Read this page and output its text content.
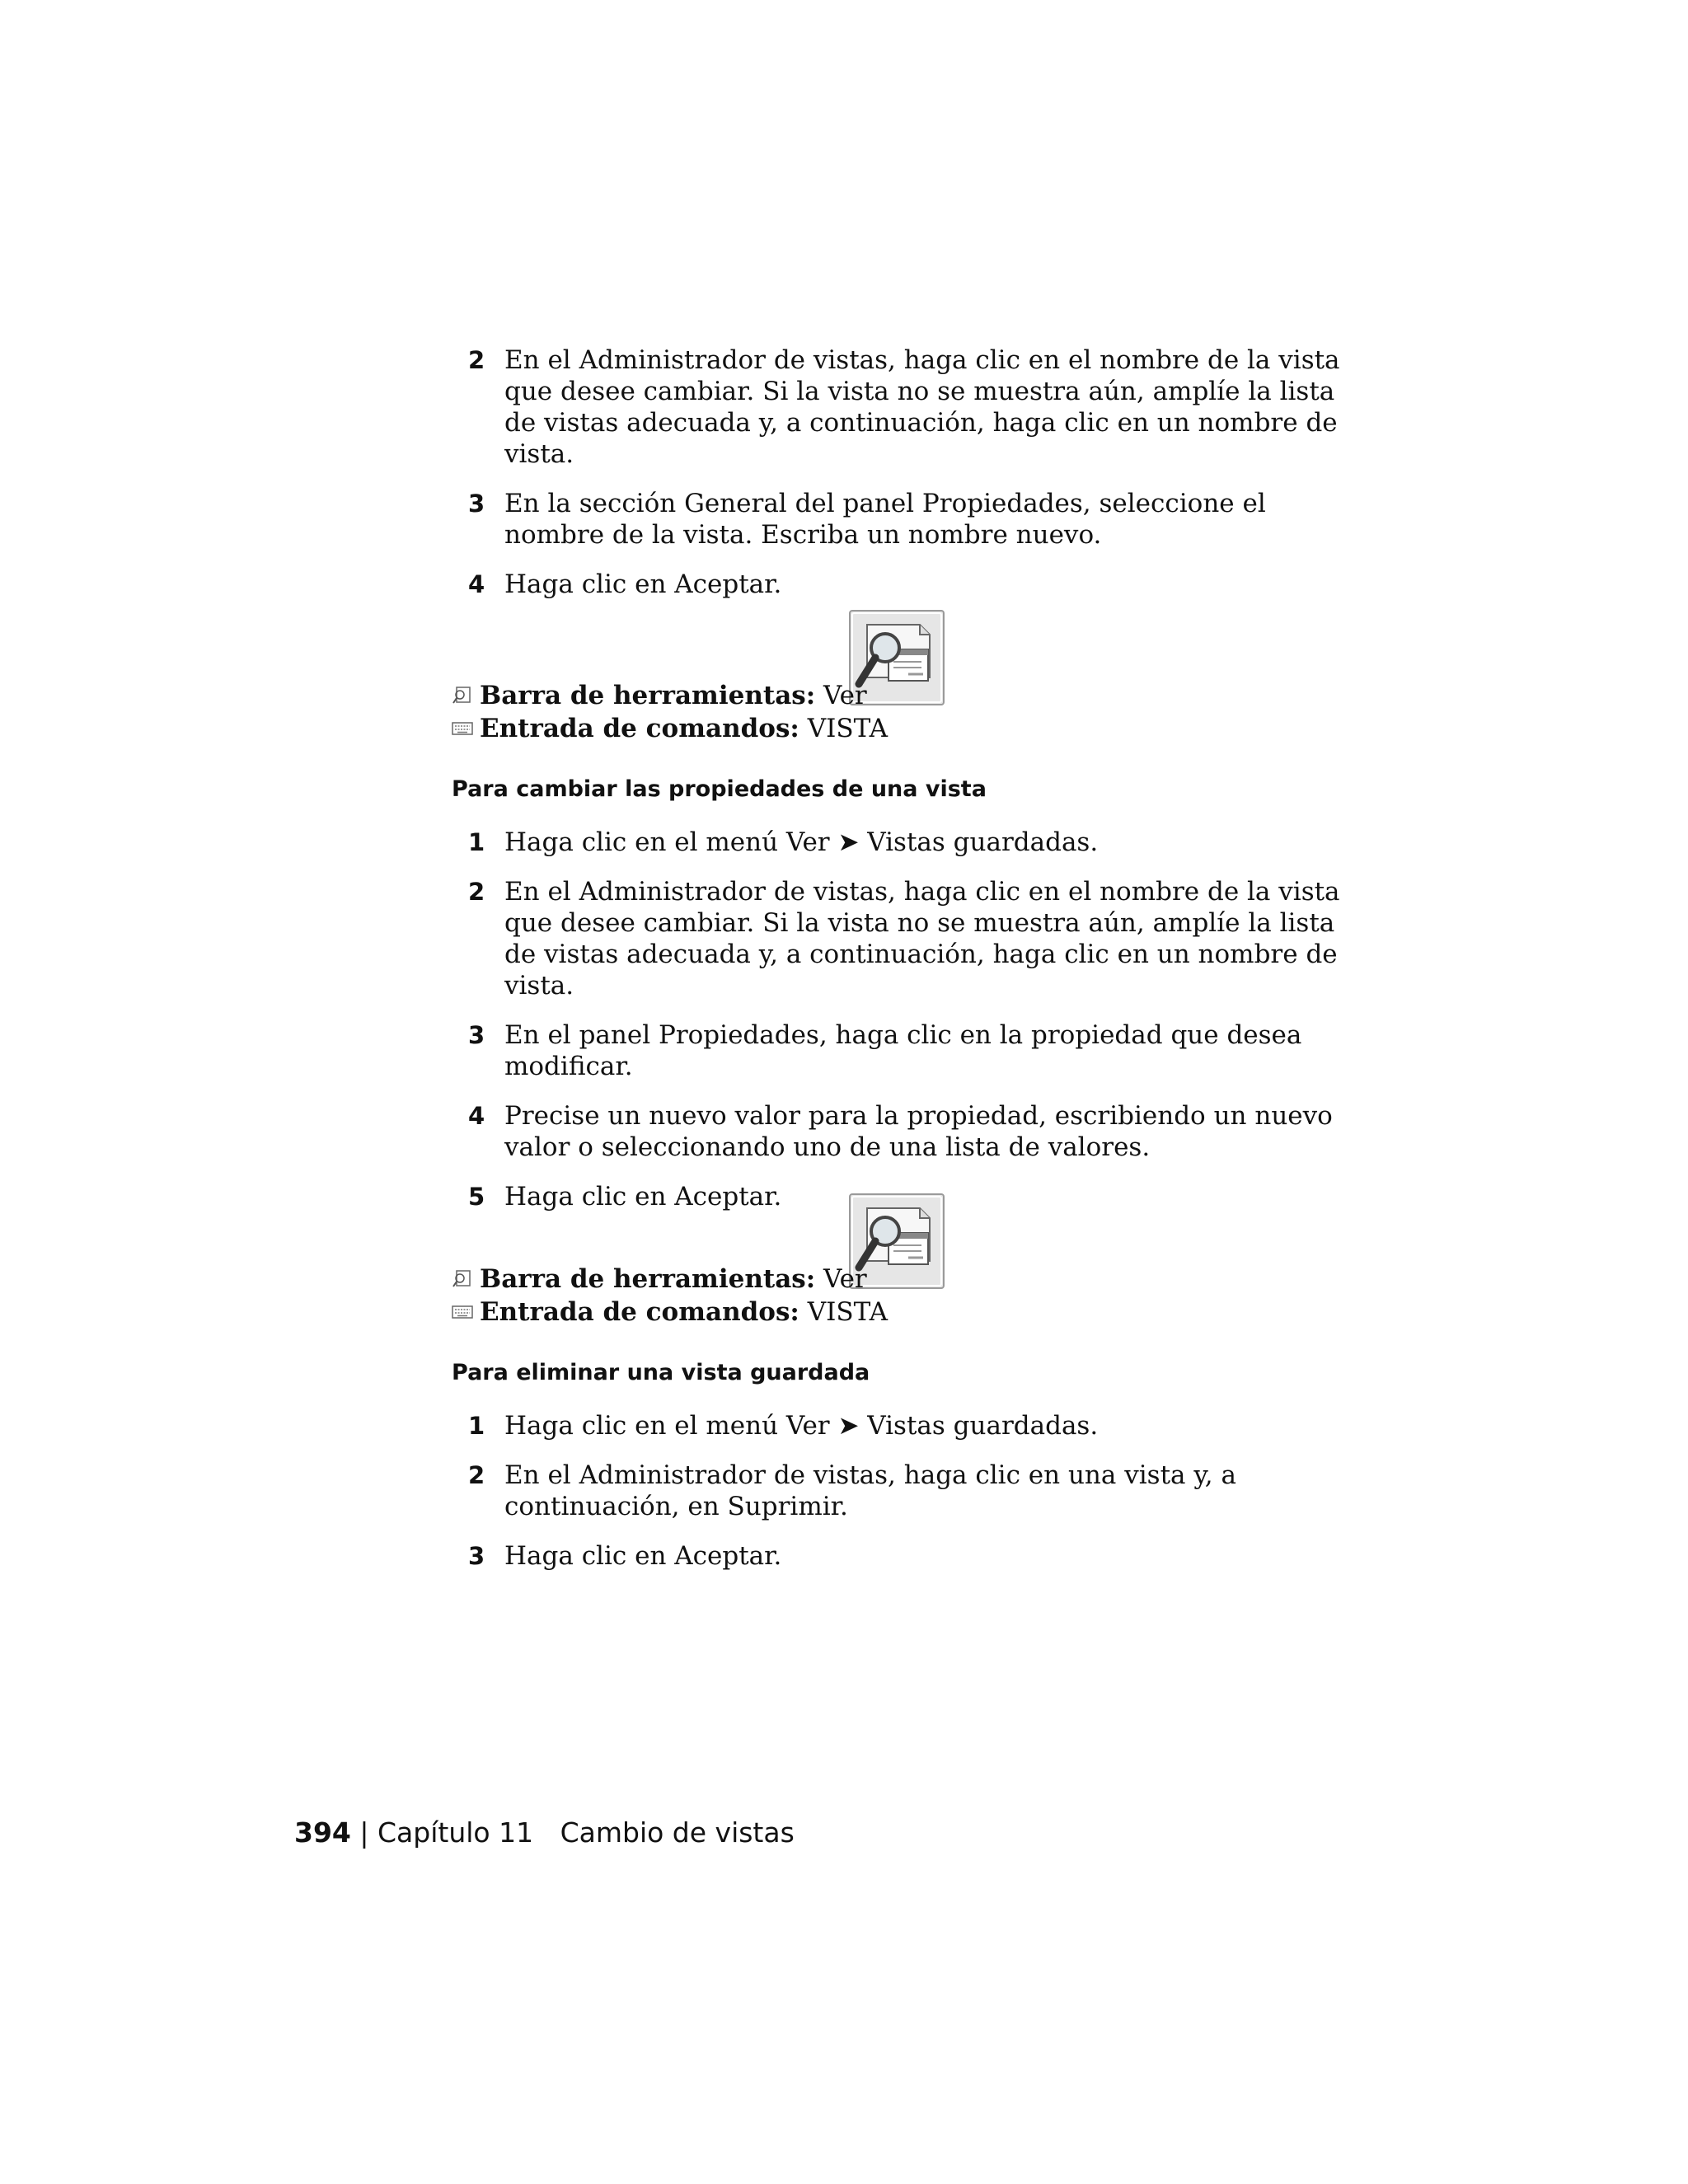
2 En el Administrador de vistas, haga clic en el nombre de la vista que desee cambiar. Si la vista no se muestra aún, amplíe la lista de vistas adecuada y, a continuación, haga clic en un nombre de vista.
3 En la sección General del panel Propiedades, seleccione el nombre de la vista. Escriba un nombre nuevo.
4 Haga clic en Aceptar.
Barra de herramientas: Ver
Entrada de comandos: VISTA
Para cambiar las propiedades de una vista
1 Haga clic en el menú Ver ➤ Vistas guardadas.
2 En el Administrador de vistas, haga clic en el nombre de la vista que desee cambiar. Si la vista no se muestra aún, amplíe la lista de vistas adecuada y, a continuación, haga clic en un nombre de vista.
3 En el panel Propiedades, haga clic en la propiedad que desea modificar.
4 Precise un nuevo valor para la propiedad, escribiendo un nuevo valor o seleccionando uno de una lista de valores.
5 Haga clic en Aceptar.
Barra de herramientas: Ver
Entrada de comandos: VISTA
Para eliminar una vista guardada
1 Haga clic en el menú Ver ➤ Vistas guardadas.
2 En el Administrador de vistas, haga clic en una vista y, a continuación, en Suprimir.
3 Haga clic en Aceptar.
394 | Capítulo 11 Cambio de vistas
